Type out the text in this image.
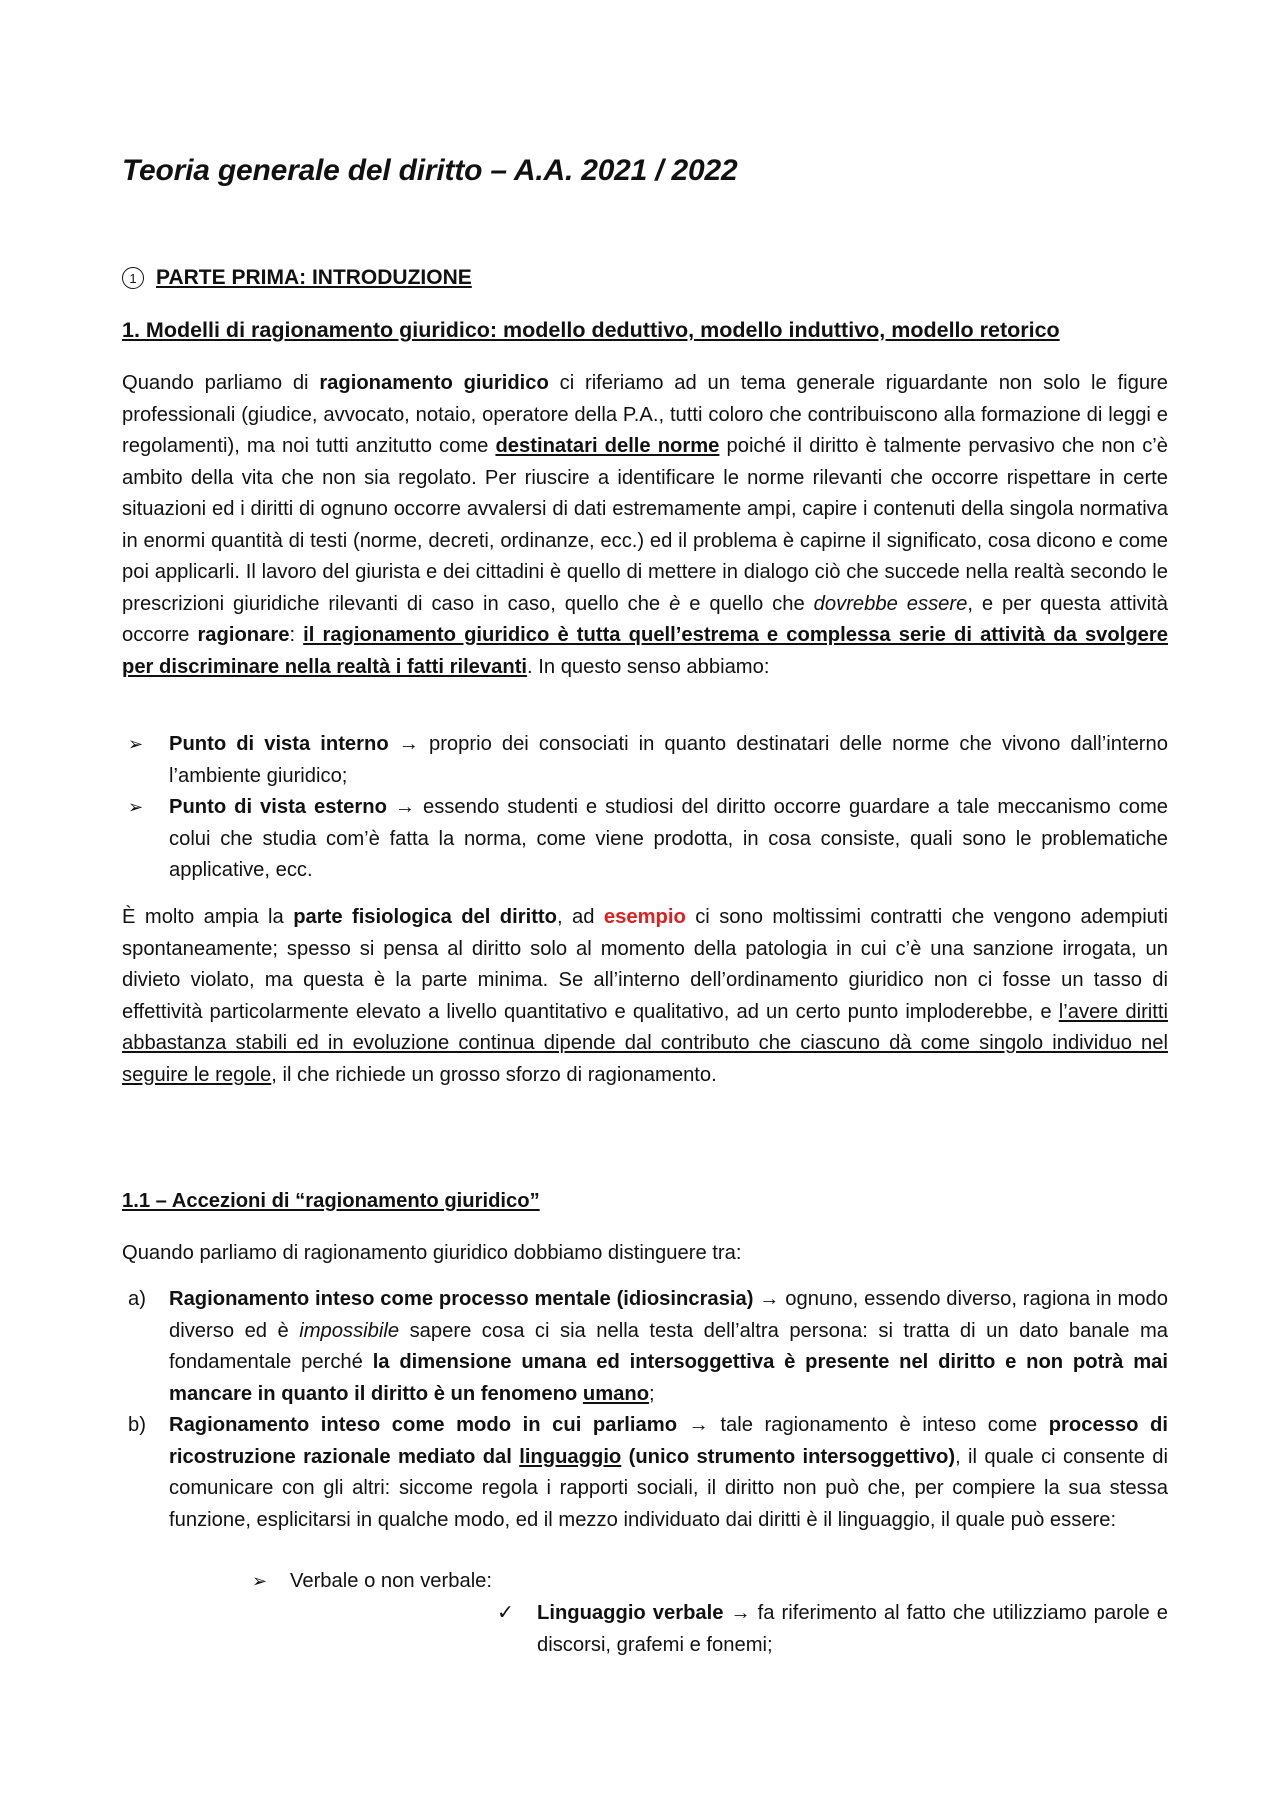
Teoria generale del diritto – A.A. 2021 / 2022
1 PARTE PRIMA: INTRODUZIONE
1. Modelli di ragionamento giuridico: modello deduttivo, modello induttivo, modello retorico

Quando parliamo di ragionamento giuridico ci riferiamo ad un tema generale riguardante non solo le figure professionali (giudice, avvocato, notaio, operatore della P.A., tutti coloro che contribuiscono alla formazione di leggi e regolamenti), ma noi tutti anzitutto come destinatari delle norme poiché il diritto è talmente pervasivo che non c’è ambito della vita che non sia regolato. Per riuscire a identificare le norme rilevanti che occorre rispettare in certe situazioni ed i diritti di ognuno occorre avvalersi di dati estremamente ampi, capire i contenuti della singola normativa in enormi quantità di testi (norme, decreti, ordinanze, ecc.) ed il problema è capirne il significato, cosa dicono e come poi applicarli. Il lavoro del giurista e dei cittadini è quello di mettere in dialogo ciò che succede nella realtà secondo le prescrizioni giuridiche rilevanti di caso in caso, quello che è e quello che dovrebbe essere, e per questa attività occorre ragionare: il ragionamento giuridico è tutta quell’estrema e complessa serie di attività da svolgere per discriminare nella realtà i fatti rilevanti. In questo senso abbiamo:

➢ Punto di vista interno → proprio dei consociati in quanto destinatari delle norme che vivono dall’interno l’ambiente giuridico;
➢ Punto di vista esterno → essendo studenti e studiosi del diritto occorre guardare a tale meccanismo come colui che studia com’è fatta la norma, come viene prodotta, in cosa consiste, quali sono le problematiche applicative, ecc.

È molto ampia la parte fisiologica del diritto, ad esempio ci sono moltissimi contratti che vengono adempiuti spontaneamente; spesso si pensa al diritto solo al momento della patologia in cui c’è una sanzione irrogata, un divieto violato, ma questa è la parte minima. Se all’interno dell’ordinamento giuridico non ci fosse un tasso di effettività particolarmente elevato a livello quantitativo e qualitativo, ad un certo punto imploderebbe, e l’avere diritti abbastanza stabili ed in evoluzione continua dipende dal contributo che ciascuno dà come singolo individuo nel seguire le regole, il che richiede un grosso sforzo di ragionamento.

1.1 – Accezioni di “ragionamento giuridico”

Quando parliamo di ragionamento giuridico dobbiamo distinguere tra:

a) Ragionamento inteso come processo mentale (idiosincrasia) → ognuno, essendo diverso, ragiona in modo diverso ed è impossibile sapere cosa ci sia nella testa dell’altra persona: si tratta di un dato banale ma fondamentale perché la dimensione umana ed intersoggettiva è presente nel diritto e non potrà mai mancare in quanto il diritto è un fenomeno umano;
b) Ragionamento inteso come modo in cui parliamo → tale ragionamento è inteso come processo di ricostruzione razionale mediato dal linguaggio (unico strumento intersoggettivo), il quale ci consente di comunicare con gli altri: siccome regola i rapporti sociali, il diritto non può che, per compiere la sua stessa funzione, esplicitarsi in qualche modo, ed il mezzo individuato dai diritti è il linguaggio, il quale può essere:
➢ Verbale o non verbale:
✓	Linguaggio verbale → fa riferimento al fatto che utilizziamo parole e discorsi, grafemi e fonemi;
